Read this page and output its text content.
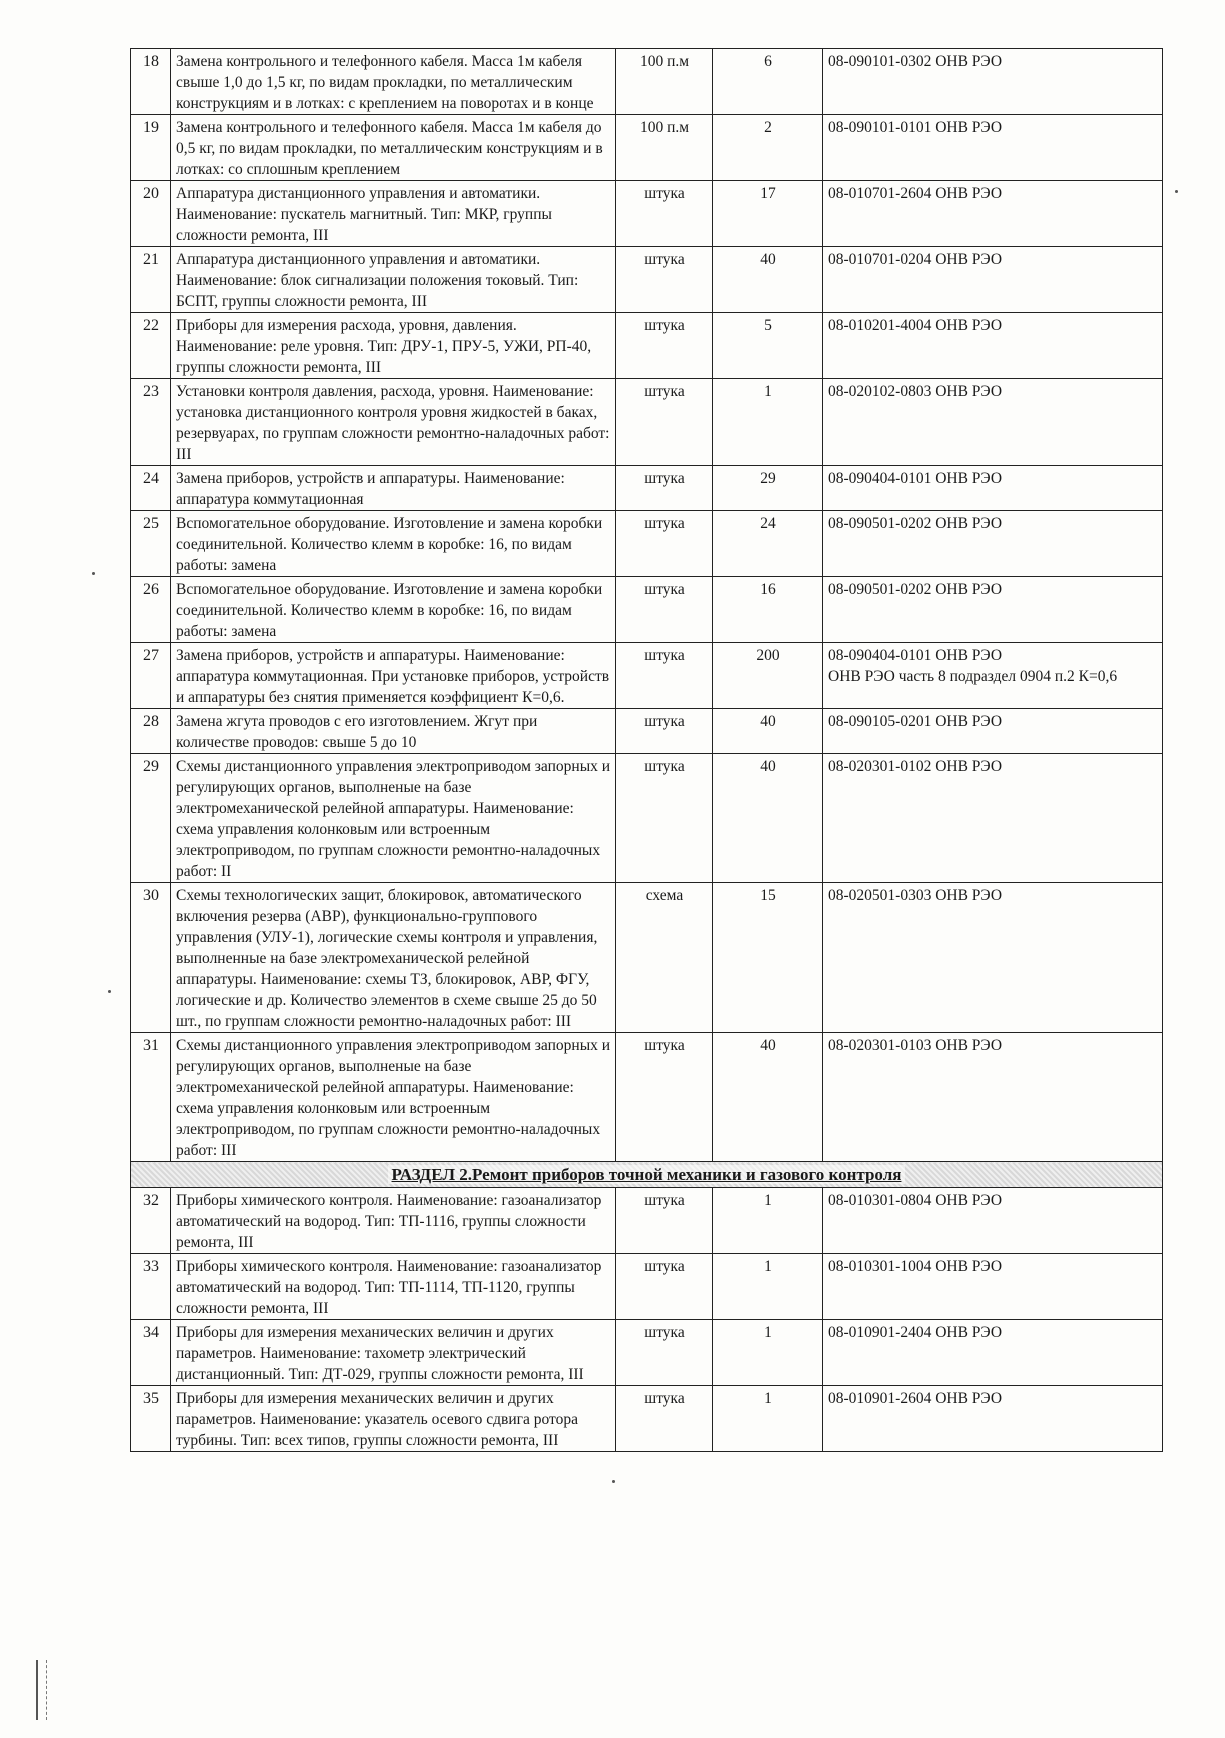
18	Замена контрольного и телефонного кабеля. Масса 1м кабеля свыше 1,0 до 1,5 кг, по видам прокладки, по металлическим конструкциям и в лотках: с креплением на поворотах и в конце	100 п.м	6	08-090101-0302 ОНВ РЭО
19	Замена контрольного и телефонного кабеля. Масса 1м кабеля до 0,5 кг, по видам прокладки, по металлическим конструкциям и в лотках: со сплошным креплением	100 п.м	2	08-090101-0101 ОНВ РЭО
20	Аппаратура дистанционного управления и автоматики. Наименование: пускатель магнитный. Тип: МКР, группы сложности ремонта, III	штука	17	08-010701-2604 ОНВ РЭО
21	Аппаратура дистанционного управления и автоматики. Наименование: блок сигнализации положения токовый. Тип: БСПТ, группы сложности ремонта, III	штука	40	08-010701-0204 ОНВ РЭО
22	Приборы для измерения расхода, уровня, давления. Наименование: реле уровня. Тип: ДРУ-1, ПРУ-5, УЖИ, РП-40, группы сложности ремонта, III	штука	5	08-010201-4004 ОНВ РЭО
23	Установки контроля давления, расхода, уровня. Наименование: установка дистанционного контроля уровня жидкостей в баках, резервуарах, по группам сложности ремонтно-наладочных работ: III	штука	1	08-020102-0803 ОНВ РЭО
24	Замена приборов, устройств и аппаратуры. Наименование: аппаратура коммутационная	штука	29	08-090404-0101 ОНВ РЭО
25	Вспомогательное оборудование. Изготовление и замена коробки соединительной. Количество клемм в коробке: 16, по видам работы: замена	штука	24	08-090501-0202 ОНВ РЭО
26	Вспомогательное оборудование. Изготовление и замена коробки соединительной. Количество клемм в коробке: 16, по видам работы: замена	штука	16	08-090501-0202 ОНВ РЭО
27	Замена приборов, устройств и аппаратуры. Наименование: аппаратура коммутационная. При установке приборов, устройств и аппаратуры без снятия применяется коэффициент К=0,6.	штука	200	08-090404-0101 ОНВ РЭО
ОНВ РЭО часть 8 подраздел 0904 п.2 К=0,6
28	Замена жгута проводов с его изготовлением. Жгут при количестве проводов: свыше 5 до 10	штука	40	08-090105-0201 ОНВ РЭО
29	Схемы дистанционного управления электроприводом запорных и регулирующих органов, выполненые на базе электромеханической релейной аппаратуры. Наименование: схема управления колонковым или встроенным электроприводом, по группам сложности ремонтно-наладочных работ: II	штука	40	08-020301-0102 ОНВ РЭО
30	Схемы технологических защит, блокировок, автоматического включения резерва (АВР), функционально-группового управления (УЛУ-1), логические схемы контроля и управления, выполненные на базе электромеханической релейной аппаратуры. Наименование: схемы ТЗ, блокировок, АВР, ФГУ, логические и др. Количество элементов в схеме свыше 25 до 50 шт., по группам сложности ремонтно-наладочных работ: III	схема	15	08-020501-0303 ОНВ РЭО
31	Схемы дистанционного управления электроприводом запорных и регулирующих органов, выполненые на базе электромеханической релейной аппаратуры. Наименование: схема управления колонковым или встроенным электроприводом, по группам сложности ремонтно-наладочных работ: III	штука	40	08-020301-0103 ОНВ РЭО
РАЗДЕЛ 2.Ремонт приборов точной механики и газового контроля				
32	Приборы химического контроля. Наименование: газоанализатор автоматический на водород. Тип: ТП-1116, группы сложности ремонта, III	штука	1	08-010301-0804 ОНВ РЭО
33	Приборы химического контроля. Наименование: газоанализатор автоматический на водород. Тип: ТП-1114, ТП-1120, группы сложности ремонта, III	штука	1	08-010301-1004 ОНВ РЭО
34	Приборы для измерения механических величин и других параметров. Наименование: тахометр электрический дистанционный. Тип: ДТ-029, группы сложности ремонта, III	штука	1	08-010901-2404 ОНВ РЭО
35	Приборы для измерения механических величин и других параметров. Наименование: указатель осевого сдвига ротора турбины. Тип: всех типов, группы сложности ремонта, III	штука	1	08-010901-2604 ОНВ РЭО
